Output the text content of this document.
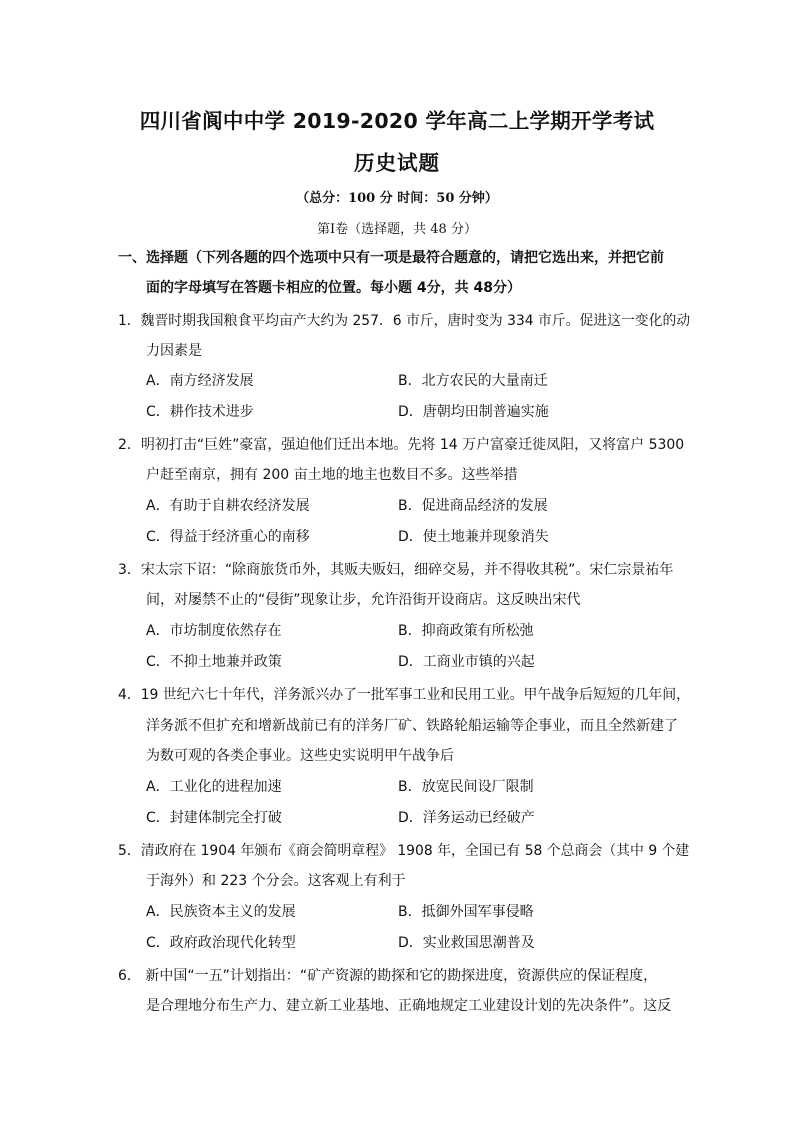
四川省阆中中学 2019-2020 学年高二上学期开学考试
历史试题
（总分：100 分 时间：50 分钟）
第Ⅰ卷（选择题，共 48 分）
一、选择题（下列各题的四个选项中只有一项是最符合题意的，请把它选出来，并把它前
面的字母填写在答题卡相应的位置。每小题 4分，共 48分）
1．魏晋时期我国粮食平均亩产大约为 257．6 市斤，唐时变为 334 市斤。促进这一变化的动
力因素是
A．南方经济发展	B．北方农民的大量南迁
C．耕作技术进步	D．唐朝均田制普遍实施
2．明初打击“巨姓”豪富，强迫他们迁出本地。先将 14 万户富豪迁徙凤阳，又将富户 5300
户赶至南京，拥有 200 亩土地的地主也数目不多。这些举措
A．有助于自耕农经济发展	B．促进商品经济的发展
C．得益于经济重心的南移	D．使土地兼并现象消失
3．宋太宗下诏：“除商旅货币外，其贩夫贩妇，细碎交易，并不得收其税”。宋仁宗景祐年
间，对屡禁不止的“侵街”现象让步，允许沿街开设商店。这反映出宋代
A．市坊制度依然存在	B．抑商政策有所松弛
C．不抑土地兼并政策	D．工商业市镇的兴起
4．19 世纪六七十年代，洋务派兴办了一批军事工业和民用工业。甲午战争后短短的几年间，
洋务派不但扩充和增新战前已有的洋务厂矿、铁路轮船运输等企事业，而且全然新建了
为数可观的各类企事业。这些史实说明甲午战争后
A．工业化的进程加速	B．放宽民间设厂限制
C．封建体制完全打破	D．洋务运动已经破产
5．清政府在 1904 年颁布《商会简明章程》 1908 年，全国已有 58 个总商会（其中 9 个建
于海外）和 223 个分会。这客观上有利于
A．民族资本主义的发展	B．抵御外国军事侵略
C．政府政治现代化转型	D．实业救国思潮普及
6． 新中国“一五”计划指出：“矿产资源的勘探和它的勘探进度，资源供应的保证程度，
是合理地分布生产力、建立新工业基地、正确地规定工业建设计划的先决条件”。这反
